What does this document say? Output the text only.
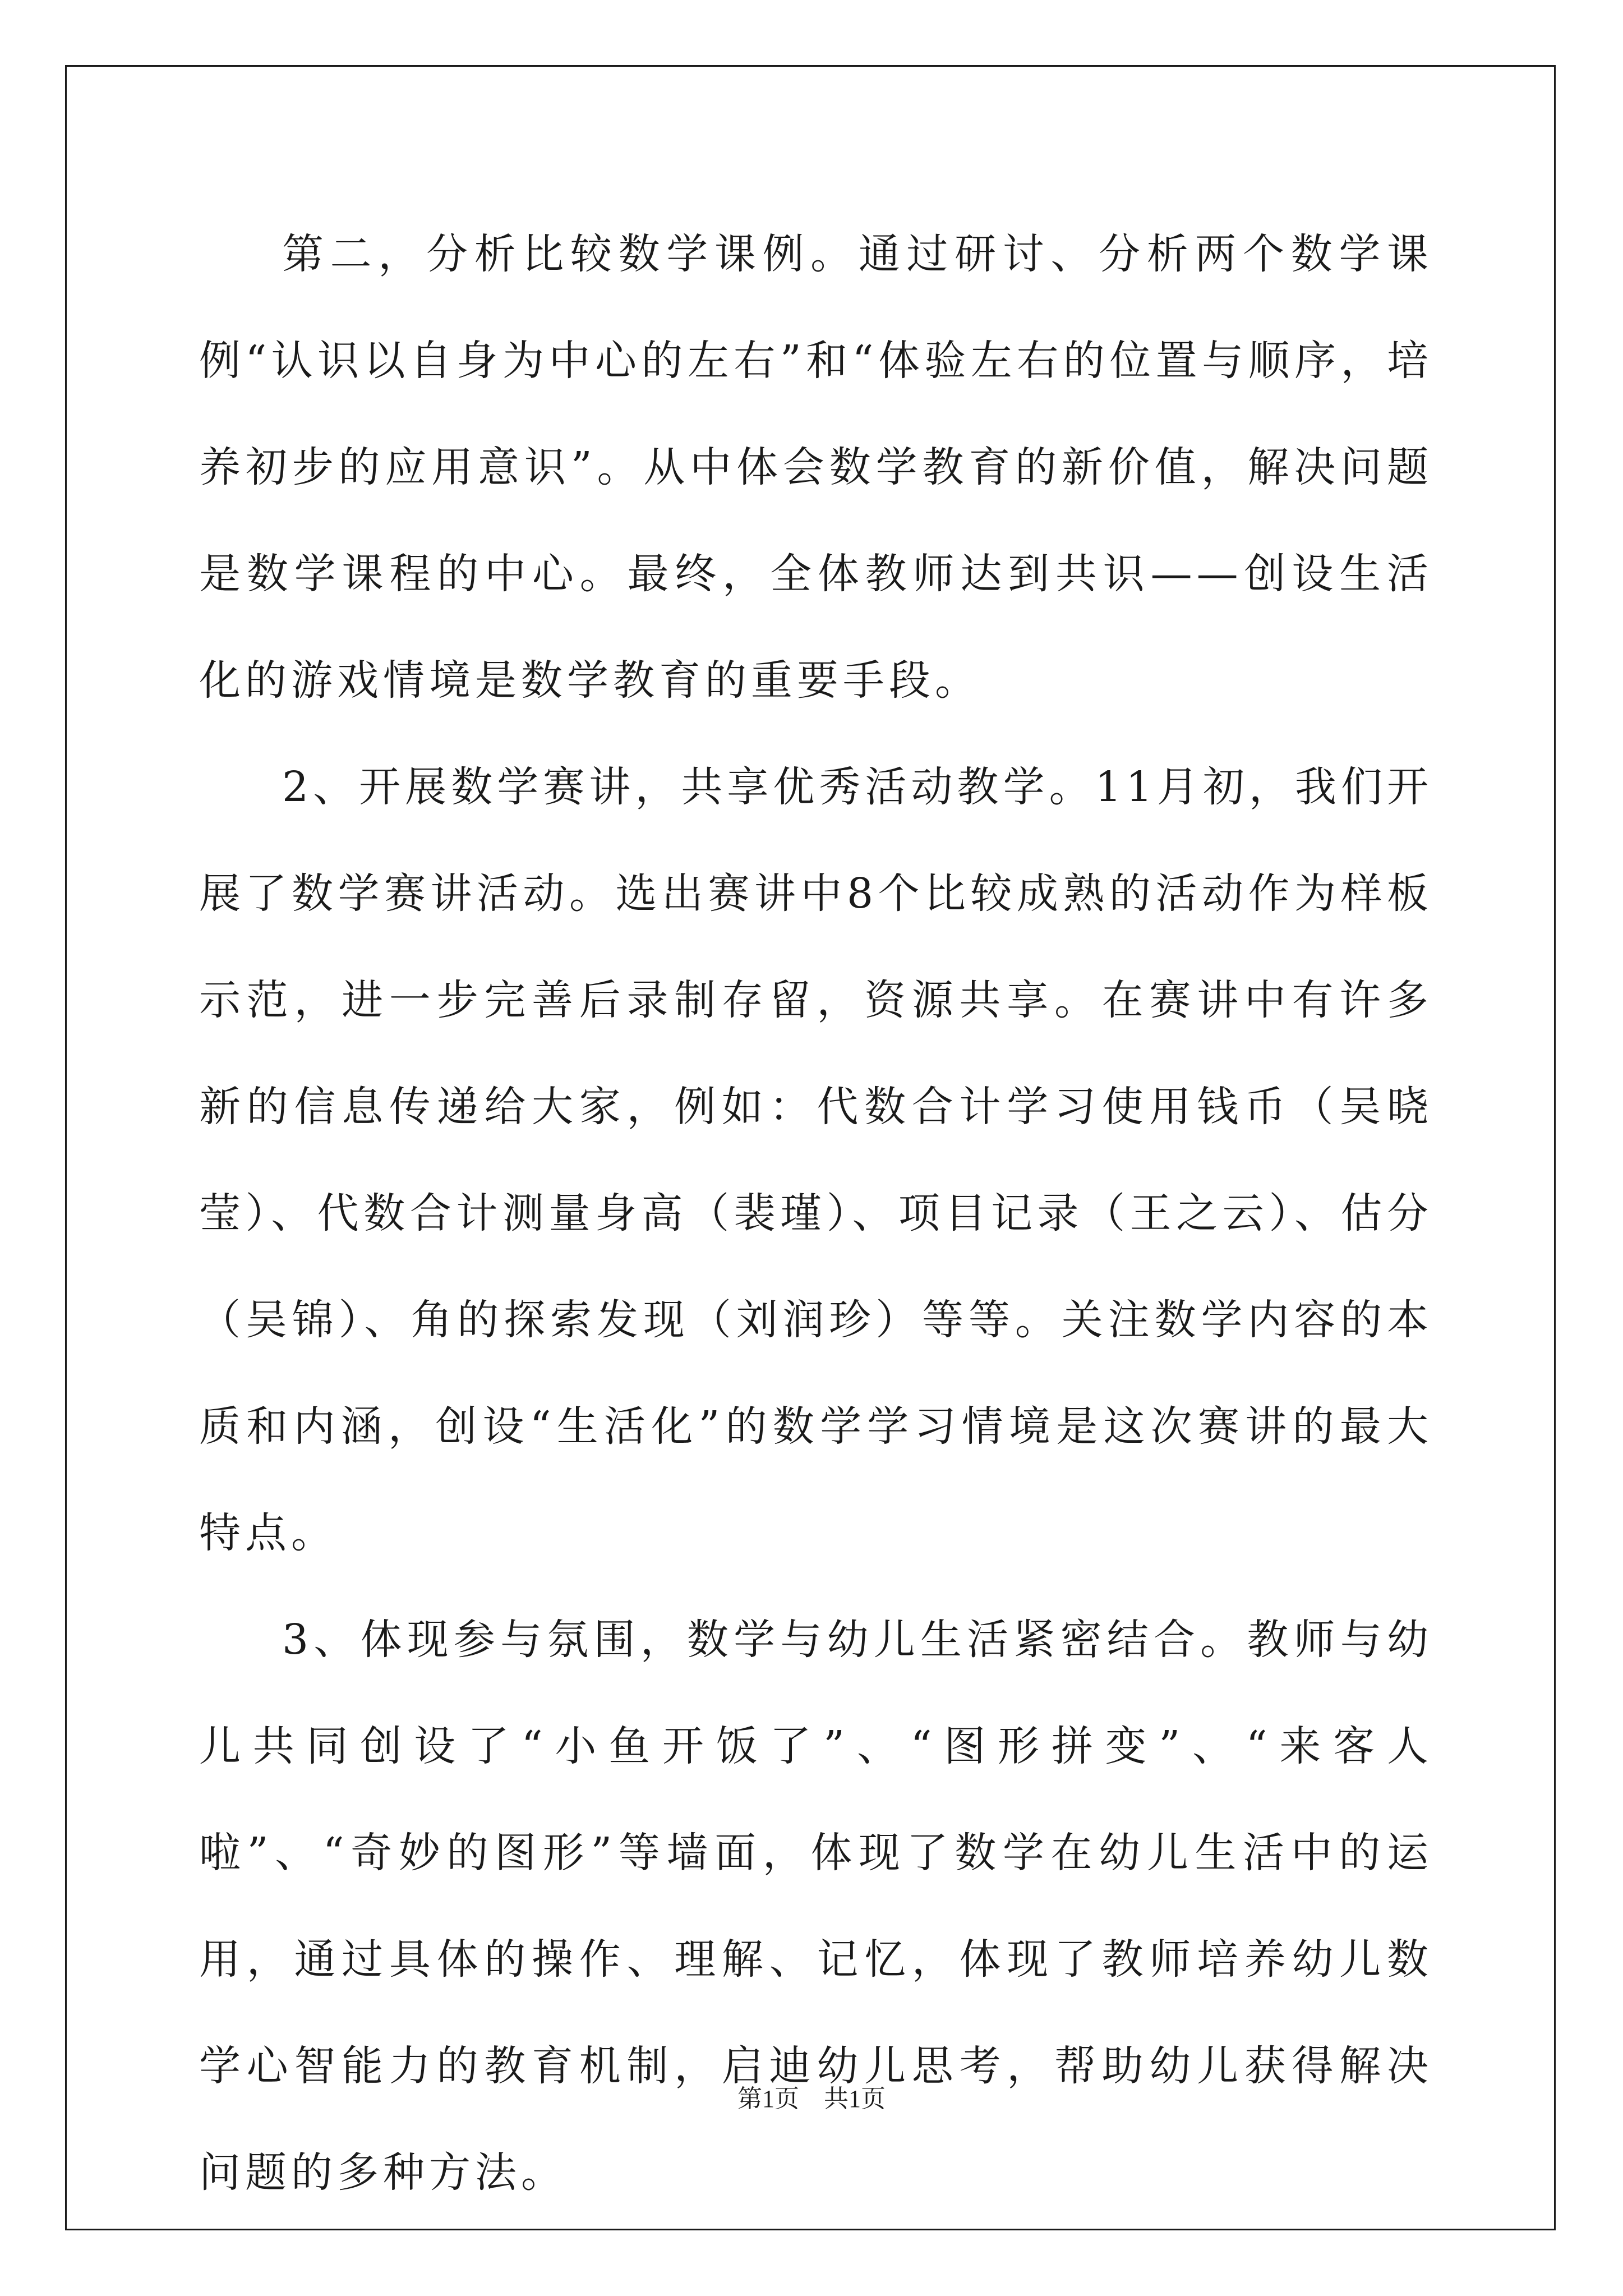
第二，分析比较数学课例。通过研讨、分析两个数学课例“认识以自身为中心的左右”和“体验左右的位置与顺序，培养初步的应用意识”。从中体会数学教育的新价值，解决问题是数学课程的中心。最终，全体教师达到共识——创设生活化的游戏情境是数学教育的重要手段。

2、开展数学赛讲，共享优秀活动教学。11月初，我们开展了数学赛讲活动。选出赛讲中8个比较成熟的活动作为样板示范，进一步完善后录制存留，资源共享。在赛讲中有许多新的信息传递给大家，例如：代数合计学习使用钱币（吴晓莹）、代数合计测量身高（裴瑾）、项目记录（王之云）、估分（吴锦）、角的探索发现（刘润珍）等等。关注数学内容的本质和内涵，创设“生活化”的数学学习情境是这次赛讲的最大特点。

3、体现参与氛围，数学与幼儿生活紧密结合。教师与幼儿共同创设了“小鱼开饭了”、“图形拼变”、“来客人啦”、“奇妙的图形”等墙面，体现了数学在幼儿生活中的运用，通过具体的操作、理解、记忆，体现了教师培养幼儿数学心智能力的教育机制，启迪幼儿思考，帮助幼儿获得解决问题的多种方法。

第1页 共1页
